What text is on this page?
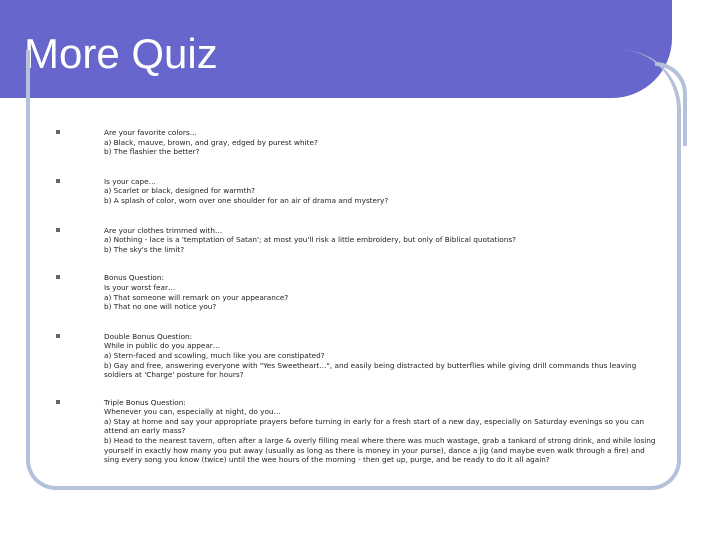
More Quiz
Are your favorite colors…
a) Black, mauve, brown, and gray, edged by purest white?
b) The flashier the better?
Is your cape…
a) Scarlet or black, designed for warmth?
b) A splash of color, worn over one shoulder for an air of drama and mystery?
Are your clothes trimmed with…
a) Nothing - lace is a 'temptation of Satan'; at most you'll risk a little embroidery, but only of Biblical quotations?
b) The sky's the limit?
Bonus Question:
Is your worst fear…
a) That someone will remark on your appearance?
b) That no one will notice you?
Double Bonus Question:
While in public do you appear…
a) Stern-faced and scowling, much like you are constipated?
b) Gay and free, answering everyone with "Yes Sweetheart…", and easily being distracted by butterflies while giving drill commands thus leaving soldiers at 'Charge' posture for hours?
Triple Bonus Question:
Whenever you can, especially at night, do you…
a) Stay at home and say your appropriate prayers before turning in early for a fresh start of a new day, especially on Saturday evenings so you can attend an early mass?
b) Head to the nearest tavern, often after a large & overly filling meal where there was much wastage, grab a tankard of strong drink, and while losing yourself in exactly how many you put away (usually as long as there is money in your purse), dance a jig (and maybe even walk through a fire) and sing every song you know (twice) until the wee hours of the morning - then get up, purge, and be ready to do it all again?
